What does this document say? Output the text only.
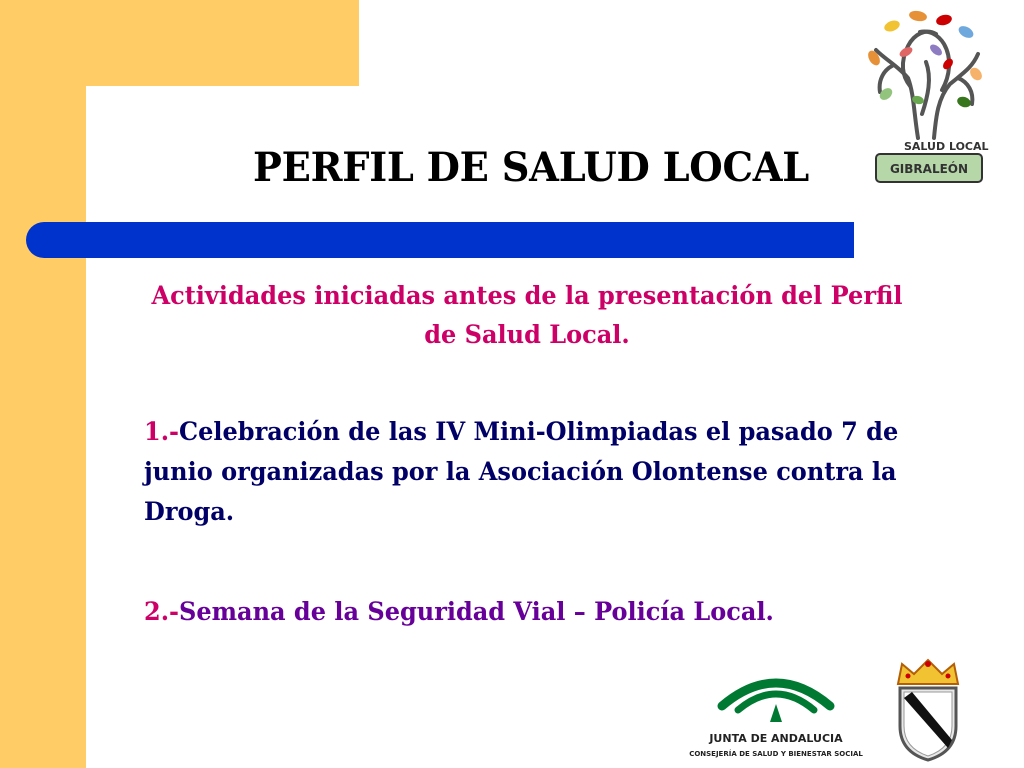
PERFIL DE SALUD LOCAL

Actividades iniciadas antes de la presentación del Perfil de Salud Local.

1.-Celebración de las IV Mini-Olimpiadas el pasado 7 de junio organizadas por la Asociación Olontense contra la Droga.

2.-Semana de la Seguridad Vial – Policía Local.

SALUD LOCAL
GIBRALEÓN
JUNTA DE ANDALUCIA
CONSEJERÍA DE SALUD Y BIENESTAR SOCIAL
